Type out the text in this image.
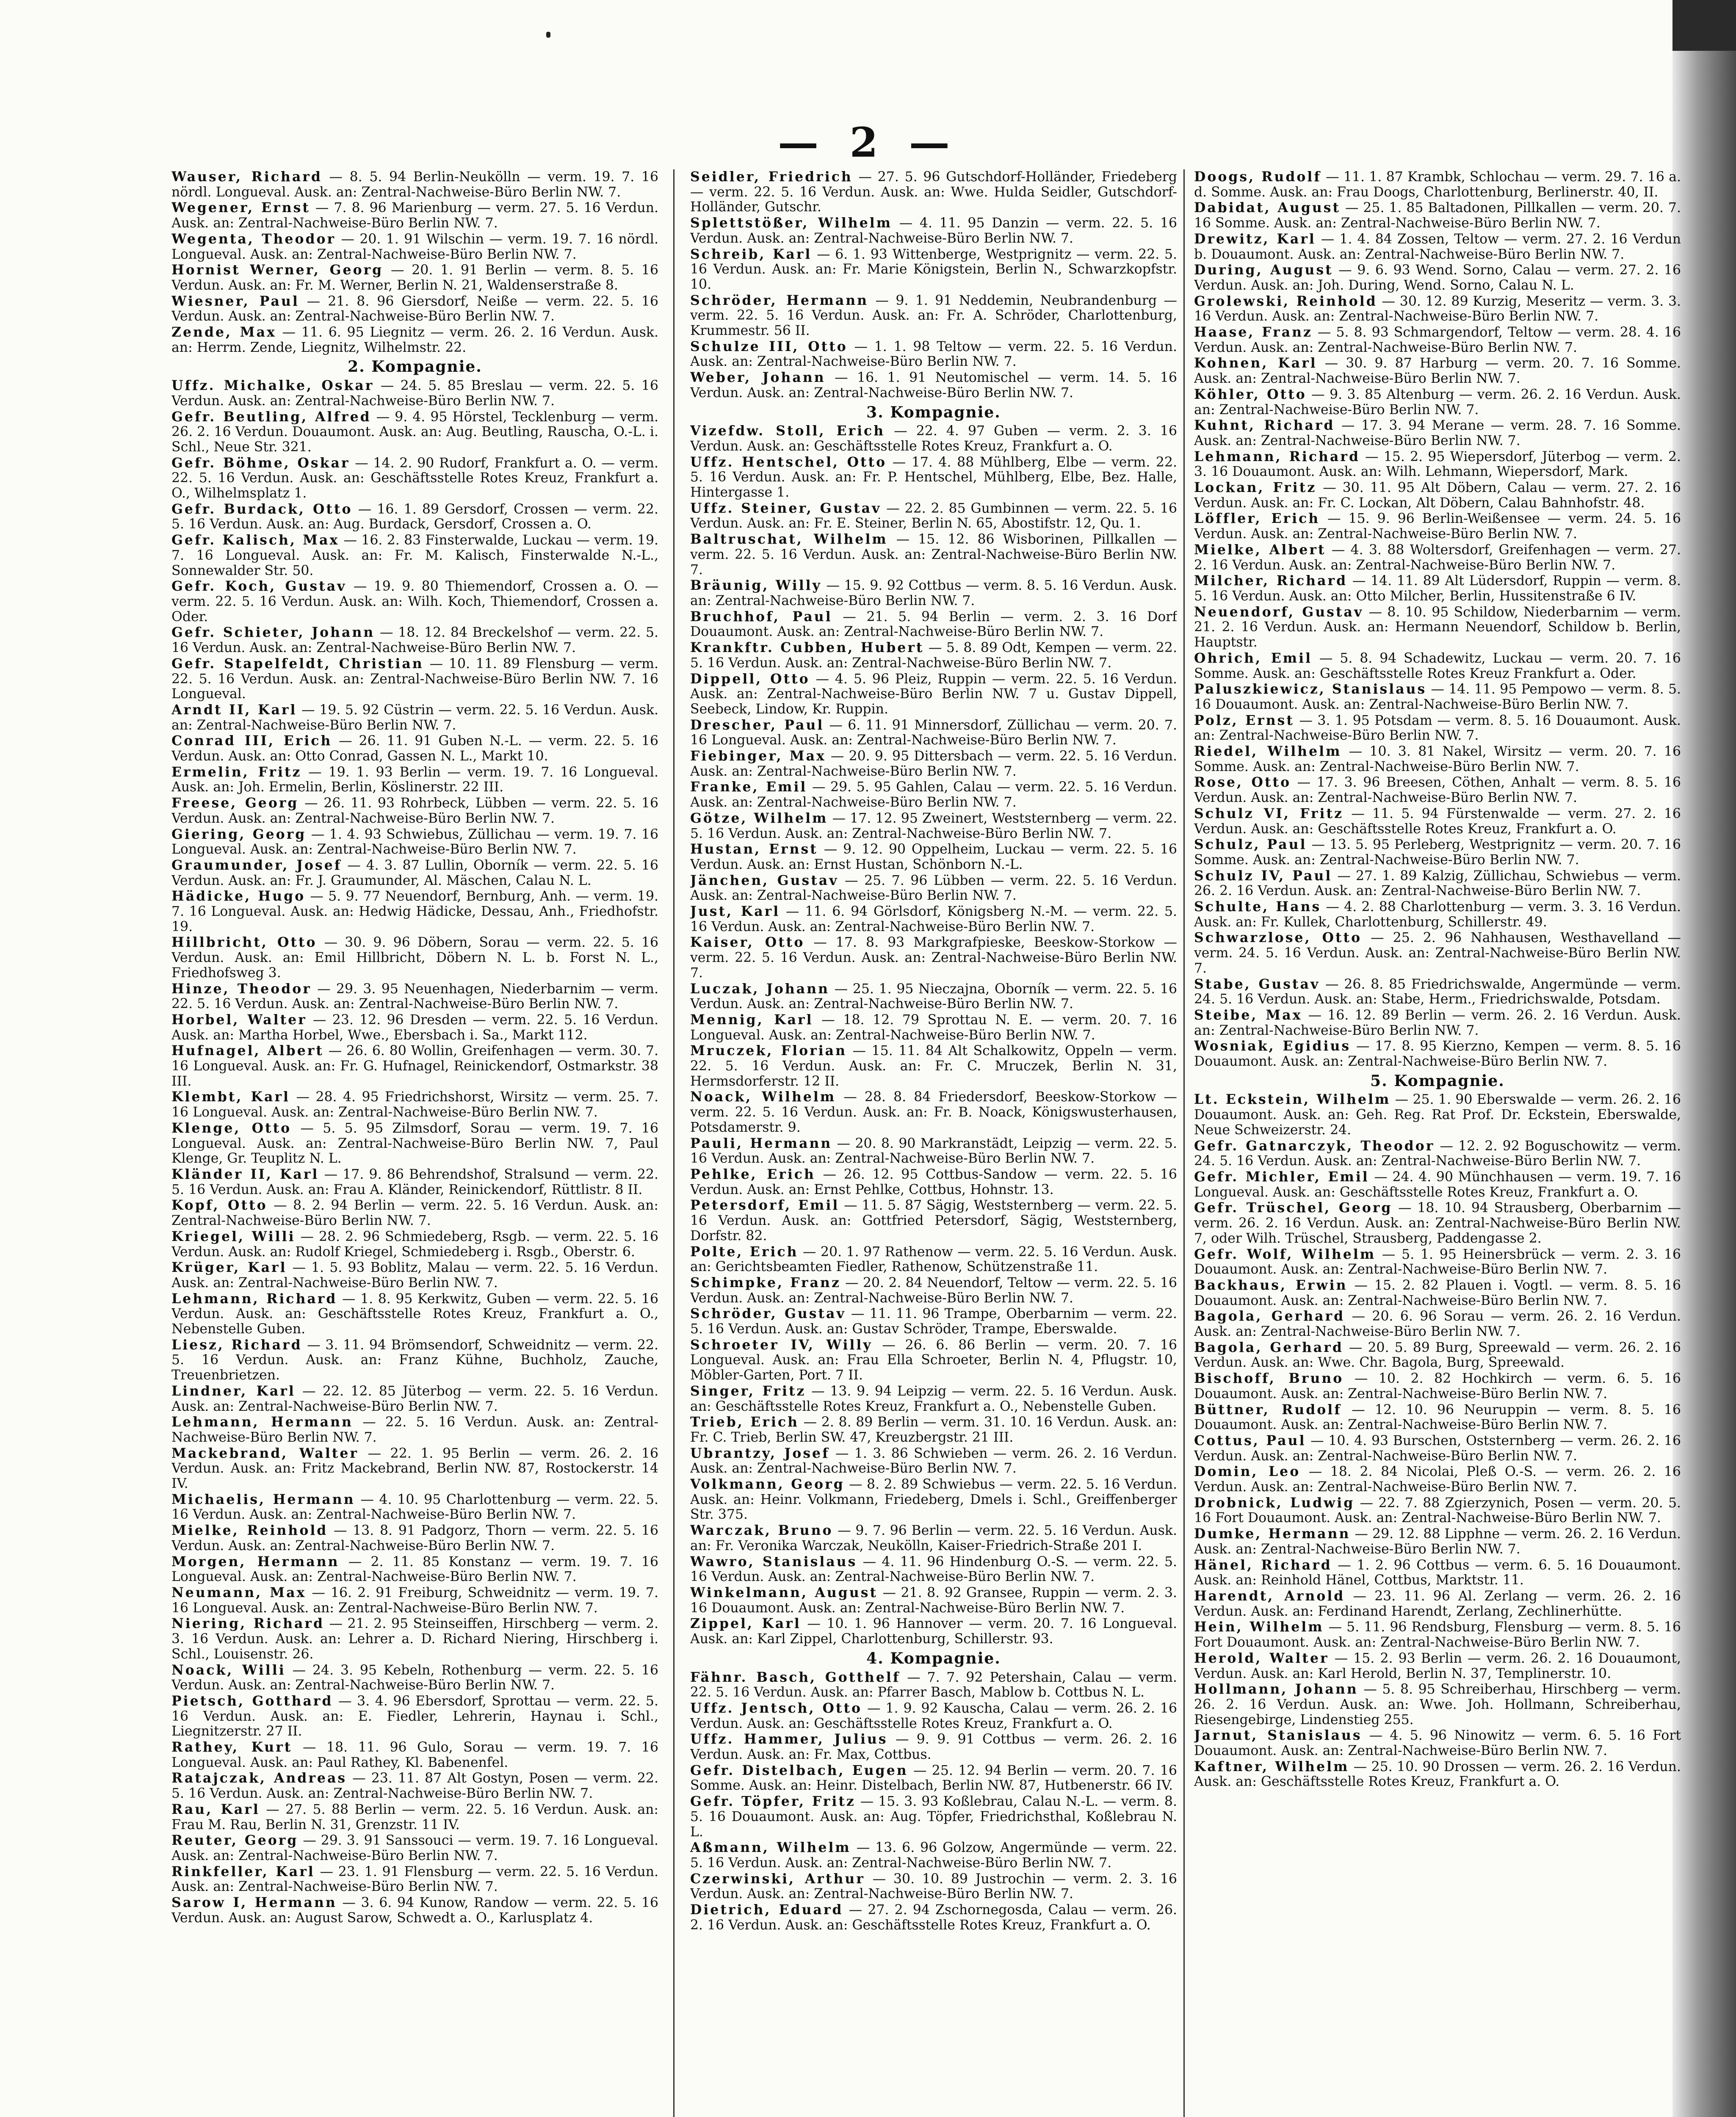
— 2 —
Wauser, Richard — 8. 5. 94 Berlin-Neukölln — verm. 19. 7. 16 nördl. Longueval. Ausk. an: Zentral-Nachweise-Büro Berlin NW. 7.
Wegener, Ernst — 7. 8. 96 Marienburg — verm. 27. 5. 16 Verdun. Ausk. an: Zentral-Nachweise-Büro Berlin NW. 7.
Wegenta, Theodor — 20. 1. 91 Wilschin — verm. 19. 7. 16 nördl. Longueval. Ausk. an: Zentral-Nachweise-Büro Berlin NW. 7.
Hornist Werner, Georg — 20. 1. 91 Berlin — verm. 8. 5. 16 Verdun. Ausk. an: Fr. M. Werner, Berlin N. 21, Waldenserstraße 8.
Wiesner, Paul — 21. 8. 96 Giersdorf, Neiße — verm. 22. 5. 16 Verdun. Ausk. an: Zentral-Nachweise-Büro Berlin NW. 7.
Zende, Max — 11. 6. 95 Liegnitz — verm. 26. 2. 16 Verdun. Ausk. an: Herrm. Zende, Liegnitz, Wilhelmstr. 22.
2. Kompagnie.
Uffz. Michalke, Oskar — 24. 5. 85 Breslau — verm. 22. 5. 16 Verdun. Ausk. an: Zentral-Nachweise-Büro Berlin NW. 7.
Gefr. Beutling, Alfred — 9. 4. 95 Hörstel, Tecklenburg — verm. 26. 2. 16 Verdun. Douaumont. Ausk. an: Aug. Beutling, Rauscha, O.-L. i. Schl., Neue Str. 321.
Gefr. Böhme, Oskar — 14. 2. 90 Rudorf, Frankfurt a. O. — verm. 22. 5. 16 Verdun. Ausk. an: Geschäftsstelle Rotes Kreuz, Frankfurt a. O., Wilhelmsplatz 1.
Gefr. Burdack, Otto — 16. 1. 89 Gersdorf, Crossen — verm. 22. 5. 16 Verdun. Ausk. an: Aug. Burdack, Gersdorf, Crossen a. O.
Gefr. Kalisch, Max — 16. 2. 83 Finsterwalde, Luckau — verm. 19. 7. 16 Longueval. Ausk. an: Fr. M. Kalisch, Finsterwalde N.-L., Sonnewalder Str. 50.
Gefr. Koch, Gustav — 19. 9. 80 Thiemendorf, Crossen a. O. — verm. 22. 5. 16 Verdun. Ausk. an: Wilh. Koch, Thiemendorf, Crossen a. Oder.
Gefr. Schieter, Johann — 18. 12. 84 Breckelshof — verm. 22. 5. 16 Verdun. Ausk. an: Zentral-Nachweise-Büro Berlin NW. 7.
Gefr. Stapelfeldt, Christian — 10. 11. 89 Flensburg — verm. 22. 5. 16 Verdun. Ausk. an: Zentral-Nachweise-Büro Berlin NW. 7. 16 Longueval.
Arndt II, Karl — 19. 5. 92 Cüstrin — verm. 22. 5. 16 Verdun. Ausk. an: Zentral-Nachweise-Büro Berlin NW. 7.
Conrad III, Erich — 26. 11. 91 Guben N.-L. — verm. 22. 5. 16 Verdun. Ausk. an: Otto Conrad, Gassen N. L., Markt 10.
Ermelin, Fritz — 19. 1. 93 Berlin — verm. 19. 7. 16 Longueval. Ausk. an: Joh. Ermelin, Berlin, Köslinerstr. 22 III.
Freese, Georg — 26. 11. 93 Rohrbeck, Lübben — verm. 22. 5. 16 Verdun. Ausk. an: Zentral-Nachweise-Büro Berlin NW. 7.
Giering, Georg — 1. 4. 93 Schwiebus, Züllichau — verm. 19. 7. 16 Longueval. Ausk. an: Zentral-Nachweise-Büro Berlin NW. 7.
Graumunder, Josef — 4. 3. 87 Lullin, Oborník — verm. 22. 5. 16 Verdun. Ausk. an: Fr. J. Graumunder, Al. Mäschen, Calau N. L.
Hädicke, Hugo — 5. 9. 77 Neuendorf, Bernburg, Anh. — verm. 19. 7. 16 Longueval. Ausk. an: Hedwig Hädicke, Dessau, Anh., Friedhofstr. 19.
Hillbricht, Otto — 30. 9. 96 Döbern, Sorau — verm. 22. 5. 16 Verdun. Ausk. an: Emil Hillbricht, Döbern N. L. b. Forst N. L., Friedhofsweg 3.
Hinze, Theodor — 29. 3. 95 Neuenhagen, Niederbarnim — verm. 22. 5. 16 Verdun. Ausk. an: Zentral-Nachweise-Büro Berlin NW. 7.
Horbel, Walter — 23. 12. 96 Dresden — verm. 22. 5. 16 Verdun. Ausk. an: Martha Horbel, Wwe., Ebersbach i. Sa., Markt 112.
Hufnagel, Albert — 26. 6. 80 Wollin, Greifenhagen — verm. 30. 7. 16 Longueval. Ausk. an: Fr. G. Hufnagel, Reinickendorf, Ostmarkstr. 38 III.
Klembt, Karl — 28. 4. 95 Friedrichshorst, Wirsitz — verm. 25. 7. 16 Longueval. Ausk. an: Zentral-Nachweise-Büro Berlin NW. 7.
Klenge, Otto — 5. 5. 95 Zilmsdorf, Sorau — verm. 19. 7. 16 Longueval. Ausk. an: Zentral-Nachweise-Büro Berlin NW. 7, Paul Klenge, Gr. Teuplitz N. L.
Kländer II, Karl — 17. 9. 86 Behrendshof, Stralsund — verm. 22. 5. 16 Verdun. Ausk. an: Frau A. Kländer, Reinickendorf, Rüttlistr. 8 II.
Kopf, Otto — 8. 2. 94 Berlin — verm. 22. 5. 16 Verdun. Ausk. an: Zentral-Nachweise-Büro Berlin NW. 7.
Kriegel, Willi — 28. 2. 96 Schmiedeberg, Rsgb. — verm. 22. 5. 16 Verdun. Ausk. an: Rudolf Kriegel, Schmiedeberg i. Rsgb., Oberstr. 6.
Krüger, Karl — 1. 5. 93 Boblitz, Malau — verm. 22. 5. 16 Verdun. Ausk. an: Zentral-Nachweise-Büro Berlin NW. 7.
Lehmann, Richard — 1. 8. 95 Kerkwitz, Guben — verm. 22. 5. 16 Verdun. Ausk. an: Geschäftsstelle Rotes Kreuz, Frankfurt a. O., Nebenstelle Guben.
Liesz, Richard — 3. 11. 94 Brömsendorf, Schweidnitz — verm. 22. 5. 16 Verdun. Ausk. an: Franz Kühne, Buchholz, Zauche, Treuenbrietzen.
Lindner, Karl — 22. 12. 85 Jüterbog — verm. 22. 5. 16 Verdun. Ausk. an: Zentral-Nachweise-Büro Berlin NW. 7.
Lehmann, Hermann — 22. 5. 16 Verdun. Ausk. an: Zentral-Nachweise-Büro Berlin NW. 7.
Mackebrand, Walter — 22. 1. 95 Berlin — verm. 26. 2. 16 Verdun. Ausk. an: Fritz Mackebrand, Berlin NW. 87, Rostockerstr. 14 IV.
Michaelis, Hermann — 4. 10. 95 Charlottenburg — verm. 22. 5. 16 Verdun. Ausk. an: Zentral-Nachweise-Büro Berlin NW. 7.
Mielke, Reinhold — 13. 8. 91 Padgorz, Thorn — verm. 22. 5. 16 Verdun. Ausk. an: Zentral-Nachweise-Büro Berlin NW. 7.
Morgen, Hermann — 2. 11. 85 Konstanz — verm. 19. 7. 16 Longueval. Ausk. an: Zentral-Nachweise-Büro Berlin NW. 7.
Neumann, Max — 16. 2. 91 Freiburg, Schweidnitz — verm. 19. 7. 16 Longueval. Ausk. an: Zentral-Nachweise-Büro Berlin NW. 7.
Niering, Richard — 21. 2. 95 Steinseiffen, Hirschberg — verm. 2. 3. 16 Verdun. Ausk. an: Lehrer a. D. Richard Niering, Hirschberg i. Schl., Louisenstr. 26.
Noack, Willi — 24. 3. 95 Kebeln, Rothenburg — verm. 22. 5. 16 Verdun. Ausk. an: Zentral-Nachweise-Büro Berlin NW. 7.
Pietsch, Gotthard — 3. 4. 96 Ebersdorf, Sprottau — verm. 22. 5. 16 Verdun. Ausk. an: E. Fiedler, Lehrerin, Haynau i. Schl., Liegnitzerstr. 27 II.
Rathey, Kurt — 18. 11. 96 Gulo, Sorau — verm. 19. 7. 16 Longueval. Ausk. an: Paul Rathey, Kl. Babenenfel.
Ratajczak, Andreas — 23. 11. 87 Alt Gostyn, Posen — verm. 22. 5. 16 Verdun. Ausk. an: Zentral-Nachweise-Büro Berlin NW. 7.
Rau, Karl — 27. 5. 88 Berlin — verm. 22. 5. 16 Verdun. Ausk. an: Frau M. Rau, Berlin N. 31, Grenzstr. 11 IV.
Reuter, Georg — 29. 3. 91 Sanssouci — verm. 19. 7. 16 Longueval. Ausk. an: Zentral-Nachweise-Büro Berlin NW. 7.
Rinkfeller, Karl — 23. 1. 91 Flensburg — verm. 22. 5. 16 Verdun. Ausk. an: Zentral-Nachweise-Büro Berlin NW. 7.
Sarow I, Hermann — 3. 6. 94 Kunow, Randow — verm. 22. 5. 16 Verdun. Ausk. an: August Sarow, Schwedt a. O., Karlusplatz 4.
Seidler, Friedrich — 27. 5. 96 Gutschdorf-Holländer, Friedeberg — verm. 22. 5. 16 Verdun. Ausk. an: Wwe. Hulda Seidler, Gutschdorf-Holländer, Gutschr.
Splettstößer, Wilhelm — 4. 11. 95 Danzin — verm. 22. 5. 16 Verdun. Ausk. an: Zentral-Nachweise-Büro Berlin NW. 7.
Schreib, Karl — 6. 1. 93 Wittenberge, Westprignitz — verm. 22. 5. 16 Verdun. Ausk. an: Fr. Marie Königstein, Berlin N., Schwarzkopfstr. 10.
Schröder, Hermann — 9. 1. 91 Neddemin, Neubrandenburg — verm. 22. 5. 16 Verdun. Ausk. an: Fr. A. Schröder, Charlottenburg, Krummestr. 56 II.
Schulze III, Otto — 1. 1. 98 Teltow — verm. 22. 5. 16 Verdun. Ausk. an: Zentral-Nachweise-Büro Berlin NW. 7.
Weber, Johann — 16. 1. 91 Neutomischel — verm. 14. 5. 16 Verdun. Ausk. an: Zentral-Nachweise-Büro Berlin NW. 7.
3. Kompagnie.
Vizefdw. Stoll, Erich — 22. 4. 97 Guben — verm. 2. 3. 16 Verdun. Ausk. an: Geschäftsstelle Rotes Kreuz, Frankfurt a. O.
Uffz. Hentschel, Otto — 17. 4. 88 Mühlberg, Elbe — verm. 22. 5. 16 Verdun. Ausk. an: Fr. P. Hentschel, Mühlberg, Elbe, Bez. Halle, Hintergasse 1.
Uffz. Steiner, Gustav — 22. 2. 85 Gumbinnen — verm. 22. 5. 16 Verdun. Ausk. an: Fr. E. Steiner, Berlin N. 65, Abostifstr. 12, Qu. 1.
Baltruschat, Wilhelm — 15. 12. 86 Wisborinen, Pillkallen — verm. 22. 5. 16 Verdun. Ausk. an: Zentral-Nachweise-Büro Berlin NW. 7.
Bräunig, Willy — 15. 9. 92 Cottbus — verm. 8. 5. 16 Verdun. Ausk. an: Zentral-Nachweise-Büro Berlin NW. 7.
Bruchhof, Paul — 21. 5. 94 Berlin — verm. 2. 3. 16 Dorf Douaumont. Ausk. an: Zentral-Nachweise-Büro Berlin NW. 7.
Krankftr. Cubben, Hubert — 5. 8. 89 Odt, Kempen — verm. 22. 5. 16 Verdun. Ausk. an: Zentral-Nachweise-Büro Berlin NW. 7.
Dippell, Otto — 4. 5. 96 Pleiz, Ruppin — verm. 22. 5. 16 Verdun. Ausk. an: Zentral-Nachweise-Büro Berlin NW. 7 u. Gustav Dippell, Seebeck, Lindow, Kr. Ruppin.
Drescher, Paul — 6. 11. 91 Minnersdorf, Züllichau — verm. 20. 7. 16 Longueval. Ausk. an: Zentral-Nachweise-Büro Berlin NW. 7.
Fiebinger, Max — 20. 9. 95 Dittersbach — verm. 22. 5. 16 Verdun. Ausk. an: Zentral-Nachweise-Büro Berlin NW. 7.
Franke, Emil — 29. 5. 95 Gahlen, Calau — verm. 22. 5. 16 Verdun. Ausk. an: Zentral-Nachweise-Büro Berlin NW. 7.
Götze, Wilhelm — 17. 12. 95 Zweinert, Weststernberg — verm. 22. 5. 16 Verdun. Ausk. an: Zentral-Nachweise-Büro Berlin NW. 7.
Hustan, Ernst — 9. 12. 90 Oppelheim, Luckau — verm. 22. 5. 16 Verdun. Ausk. an: Ernst Hustan, Schönborn N.-L.
Jänchen, Gustav — 25. 7. 96 Lübben — verm. 22. 5. 16 Verdun. Ausk. an: Zentral-Nachweise-Büro Berlin NW. 7.
Just, Karl — 11. 6. 94 Görlsdorf, Königsberg N.-M. — verm. 22. 5. 16 Verdun. Ausk. an: Zentral-Nachweise-Büro Berlin NW. 7.
Kaiser, Otto — 17. 8. 93 Markgrafpieske, Beeskow-Storkow — verm. 22. 5. 16 Verdun. Ausk. an: Zentral-Nachweise-Büro Berlin NW. 7.
Luczak, Johann — 25. 1. 95 Nieczajna, Oborník — verm. 22. 5. 16 Verdun. Ausk. an: Zentral-Nachweise-Büro Berlin NW. 7.
Mennig, Karl — 18. 12. 79 Sprottau N. E. — verm. 20. 7. 16 Longueval. Ausk. an: Zentral-Nachweise-Büro Berlin NW. 7.
Mruczek, Florian — 15. 11. 84 Alt Schalkowitz, Oppeln — verm. 22. 5. 16 Verdun. Ausk. an: Fr. C. Mruczek, Berlin N. 31, Hermsdorferstr. 12 II.
Noack, Wilhelm — 28. 8. 84 Friedersdorf, Beeskow-Storkow — verm. 22. 5. 16 Verdun. Ausk. an: Fr. B. Noack, Königswusterhausen, Potsdamerstr. 9.
Pauli, Hermann — 20. 8. 90 Markranstädt, Leipzig — verm. 22. 5. 16 Verdun. Ausk. an: Zentral-Nachweise-Büro Berlin NW. 7.
Pehlke, Erich — 26. 12. 95 Cottbus-Sandow — verm. 22. 5. 16 Verdun. Ausk. an: Ernst Pehlke, Cottbus, Hohnstr. 13.
Petersdorf, Emil — 11. 5. 87 Sägig, Weststernberg — verm. 22. 5. 16 Verdun. Ausk. an: Gottfried Petersdorf, Sägig, Weststernberg, Dorfstr. 82.
Polte, Erich — 20. 1. 97 Rathenow — verm. 22. 5. 16 Verdun. Ausk. an: Gerichtsbeamten Fiedler, Rathenow, Schützenstraße 11.
Schimpke, Franz — 20. 2. 84 Neuendorf, Teltow — verm. 22. 5. 16 Verdun. Ausk. an: Zentral-Nachweise-Büro Berlin NW. 7.
Schröder, Gustav — 11. 11. 96 Trampe, Oberbarnim — verm. 22. 5. 16 Verdun. Ausk. an: Gustav Schröder, Trampe, Eberswalde.
Schroeter IV, Willy — 26. 6. 86 Berlin — verm. 20. 7. 16 Longueval. Ausk. an: Frau Ella Schroeter, Berlin N. 4, Pflugstr. 10, Möbler-Garten, Port. 7 II.
Singer, Fritz — 13. 9. 94 Leipzig — verm. 22. 5. 16 Verdun. Ausk. an: Geschäftsstelle Rotes Kreuz, Frankfurt a. O., Nebenstelle Guben.
Trieb, Erich — 2. 8. 89 Berlin — verm. 31. 10. 16 Verdun. Ausk. an: Fr. C. Trieb, Berlin SW. 47, Kreuzbergstr. 21 III.
Ubrantzy, Josef — 1. 3. 86 Schwieben — verm. 26. 2. 16 Verdun. Ausk. an: Zentral-Nachweise-Büro Berlin NW. 7.
Volkmann, Georg — 8. 2. 89 Schwiebus — verm. 22. 5. 16 Verdun. Ausk. an: Heinr. Volkmann, Friedeberg, Dmels i. Schl., Greiffenberger Str. 375.
Warczak, Bruno — 9. 7. 96 Berlin — verm. 22. 5. 16 Verdun. Ausk. an: Fr. Veronika Warczak, Neukölln, Kaiser-Friedrich-Straße 201 I.
Wawro, Stanislaus — 4. 11. 96 Hindenburg O.-S. — verm. 22. 5. 16 Verdun. Ausk. an: Zentral-Nachweise-Büro Berlin NW. 7.
Winkelmann, August — 21. 8. 92 Gransee, Ruppin — verm. 2. 3. 16 Douaumont. Ausk. an: Zentral-Nachweise-Büro Berlin NW. 7.
Zippel, Karl — 10. 1. 96 Hannover — verm. 20. 7. 16 Longueval. Ausk. an: Karl Zippel, Charlottenburg, Schillerstr. 93.
4. Kompagnie.
Fähnr. Basch, Gotthelf — 7. 7. 92 Petershain, Calau — verm. 22. 5. 16 Verdun. Ausk. an: Pfarrer Basch, Mablow b. Cottbus N. L.
Uffz. Jentsch, Otto — 1. 9. 92 Kauscha, Calau — verm. 26. 2. 16 Verdun. Ausk. an: Geschäftsstelle Rotes Kreuz, Frankfurt a. O.
Uffz. Hammer, Julius — 9. 9. 91 Cottbus — verm. 26. 2. 16 Verdun. Ausk. an: Fr. Max, Cottbus.
Gefr. Distelbach, Eugen — 25. 12. 94 Berlin — verm. 20. 7. 16 Somme. Ausk. an: Heinr. Distelbach, Berlin NW. 87, Hutbenerstr. 66 IV.
Gefr. Töpfer, Fritz — 15. 3. 93 Koßlebrau, Calau N.-L. — verm. 8. 5. 16 Douaumont. Ausk. an: Aug. Töpfer, Friedrichsthal, Koßlebrau N. L.
Aßmann, Wilhelm — 13. 6. 96 Golzow, Angermünde — verm. 22. 5. 16 Verdun. Ausk. an: Zentral-Nachweise-Büro Berlin NW. 7.
Czerwinski, Arthur — 30. 10. 89 Justrochin — verm. 2. 3. 16 Verdun. Ausk. an: Zentral-Nachweise-Büro Berlin NW. 7.
Dietrich, Eduard — 27. 2. 94 Zschornegosda, Calau — verm. 26. 2. 16 Verdun. Ausk. an: Geschäftsstelle Rotes Kreuz, Frankfurt a. O.
Doogs, Rudolf — 11. 1. 87 Krambk, Schlochau — verm. 29. 7. 16 a. d. Somme. Ausk. an: Frau Doogs, Charlottenburg, Berlinerstr. 40, II.
Dabidat, August — 25. 1. 85 Baltadonen, Pillkallen — verm. 20. 7. 16 Somme. Ausk. an: Zentral-Nachweise-Büro Berlin NW. 7.
Drewitz, Karl — 1. 4. 84 Zossen, Teltow — verm. 27. 2. 16 Verdun b. Douaumont. Ausk. an: Zentral-Nachweise-Büro Berlin NW. 7.
During, August — 9. 6. 93 Wend. Sorno, Calau — verm. 27. 2. 16 Verdun. Ausk. an: Joh. During, Wend. Sorno, Calau N. L.
Grolewski, Reinhold — 30. 12. 89 Kurzig, Meseritz — verm. 3. 3. 16 Verdun. Ausk. an: Zentral-Nachweise-Büro Berlin NW. 7.
Haase, Franz — 5. 8. 93 Schmargendorf, Teltow — verm. 28. 4. 16 Verdun. Ausk. an: Zentral-Nachweise-Büro Berlin NW. 7.
Kohnen, Karl — 30. 9. 87 Harburg — verm. 20. 7. 16 Somme. Ausk. an: Zentral-Nachweise-Büro Berlin NW. 7.
Köhler, Otto — 9. 3. 85 Altenburg — verm. 26. 2. 16 Verdun. Ausk. an: Zentral-Nachweise-Büro Berlin NW. 7.
Kuhnt, Richard — 17. 3. 94 Merane — verm. 28. 7. 16 Somme. Ausk. an: Zentral-Nachweise-Büro Berlin NW. 7.
Lehmann, Richard — 15. 2. 95 Wiepersdorf, Jüterbog — verm. 2. 3. 16 Douaumont. Ausk. an: Wilh. Lehmann, Wiepersdorf, Mark.
Lockan, Fritz — 30. 11. 95 Alt Döbern, Calau — verm. 27. 2. 16 Verdun. Ausk. an: Fr. C. Lockan, Alt Döbern, Calau Bahnhofstr. 48.
Löffler, Erich — 15. 9. 96 Berlin-Weißensee — verm. 24. 5. 16 Verdun. Ausk. an: Zentral-Nachweise-Büro Berlin NW. 7.
Mielke, Albert — 4. 3. 88 Woltersdorf, Greifenhagen — verm. 27. 2. 16 Verdun. Ausk. an: Zentral-Nachweise-Büro Berlin NW. 7.
Milcher, Richard — 14. 11. 89 Alt Lüdersdorf, Ruppin — verm. 8. 5. 16 Verdun. Ausk. an: Otto Milcher, Berlin, Hussitenstraße 6 IV.
Neuendorf, Gustav — 8. 10. 95 Schildow, Niederbarnim — verm. 21. 2. 16 Verdun. Ausk. an: Hermann Neuendorf, Schildow b. Berlin, Hauptstr.
Ohrich, Emil — 5. 8. 94 Schadewitz, Luckau — verm. 20. 7. 16 Somme. Ausk. an: Geschäftsstelle Rotes Kreuz Frankfurt a. Oder.
Paluszkiewicz, Stanislaus — 14. 11. 95 Pempowo — verm. 8. 5. 16 Douaumont. Ausk. an: Zentral-Nachweise-Büro Berlin NW. 7.
Polz, Ernst — 3. 1. 95 Potsdam — verm. 8. 5. 16 Douaumont. Ausk. an: Zentral-Nachweise-Büro Berlin NW. 7.
Riedel, Wilhelm — 10. 3. 81 Nakel, Wirsitz — verm. 20. 7. 16 Somme. Ausk. an: Zentral-Nachweise-Büro Berlin NW. 7.
Rose, Otto — 17. 3. 96 Breesen, Cöthen, Anhalt — verm. 8. 5. 16 Verdun. Ausk. an: Zentral-Nachweise-Büro Berlin NW. 7.
Schulz VI, Fritz — 11. 5. 94 Fürstenwalde — verm. 27. 2. 16 Verdun. Ausk. an: Geschäftsstelle Rotes Kreuz, Frankfurt a. O.
Schulz, Paul — 13. 5. 95 Perleberg, Westprignitz — verm. 20. 7. 16 Somme. Ausk. an: Zentral-Nachweise-Büro Berlin NW. 7.
Schulz IV, Paul — 27. 1. 89 Kalzig, Züllichau, Schwiebus — verm. 26. 2. 16 Verdun. Ausk. an: Zentral-Nachweise-Büro Berlin NW. 7.
Schulte, Hans — 4. 2. 88 Charlottenburg — verm. 3. 3. 16 Verdun. Ausk. an: Fr. Kullek, Charlottenburg, Schillerstr. 49.
Schwarzlose, Otto — 25. 2. 96 Nahhausen, Westhavelland — verm. 24. 5. 16 Verdun. Ausk. an: Zentral-Nachweise-Büro Berlin NW. 7.
Stabe, Gustav — 26. 8. 85 Friedrichswalde, Angermünde — verm. 24. 5. 16 Verdun. Ausk. an: Stabe, Herm., Friedrichswalde, Potsdam.
Steibe, Max — 16. 12. 89 Berlin — verm. 26. 2. 16 Verdun. Ausk. an: Zentral-Nachweise-Büro Berlin NW. 7.
Wosniak, Egidius — 17. 8. 95 Kierzno, Kempen — verm. 8. 5. 16 Douaumont. Ausk. an: Zentral-Nachweise-Büro Berlin NW. 7.
5. Kompagnie.
Lt. Eckstein, Wilhelm — 25. 1. 90 Eberswalde — verm. 26. 2. 16 Douaumont. Ausk. an: Geh. Reg. Rat Prof. Dr. Eckstein, Eberswalde, Neue Schweizerstr. 24.
Gefr. Gatnarczyk, Theodor — 12. 2. 92 Boguschowitz — verm. 24. 5. 16 Verdun. Ausk. an: Zentral-Nachweise-Büro Berlin NW. 7.
Gefr. Michler, Emil — 24. 4. 90 Münchhausen — verm. 19. 7. 16 Longueval. Ausk. an: Geschäftsstelle Rotes Kreuz, Frankfurt a. O.
Gefr. Trüschel, Georg — 18. 10. 94 Strausberg, Oberbarnim — verm. 26. 2. 16 Verdun. Ausk. an: Zentral-Nachweise-Büro Berlin NW. 7, oder Wilh. Trüschel, Strausberg, Paddengasse 2.
Gefr. Wolf, Wilhelm — 5. 1. 95 Heinersbrück — verm. 2. 3. 16 Douaumont. Ausk. an: Zentral-Nachweise-Büro Berlin NW. 7.
Backhaus, Erwin — 15. 2. 82 Plauen i. Vogtl. — verm. 8. 5. 16 Douaumont. Ausk. an: Zentral-Nachweise-Büro Berlin NW. 7.
Bagola, Gerhard — 20. 6. 96 Sorau — verm. 26. 2. 16 Verdun. Ausk. an: Zentral-Nachweise-Büro Berlin NW. 7.
Bagola, Gerhard — 20. 5. 89 Burg, Spreewald — verm. 26. 2. 16 Verdun. Ausk. an: Wwe. Chr. Bagola, Burg, Spreewald.
Bischoff, Bruno — 10. 2. 82 Hochkirch — verm. 6. 5. 16 Douaumont. Ausk. an: Zentral-Nachweise-Büro Berlin NW. 7.
Büttner, Rudolf — 12. 10. 96 Neuruppin — verm. 8. 5. 16 Douaumont. Ausk. an: Zentral-Nachweise-Büro Berlin NW. 7.
Cottus, Paul — 10. 4. 93 Burschen, Oststernberg — verm. 26. 2. 16 Verdun. Ausk. an: Zentral-Nachweise-Büro Berlin NW. 7.
Domin, Leo — 18. 2. 84 Nicolai, Pleß O.-S. — verm. 26. 2. 16 Verdun. Ausk. an: Zentral-Nachweise-Büro Berlin NW. 7.
Drobnick, Ludwig — 22. 7. 88 Zgierzynich, Posen — verm. 20. 5. 16 Fort Douaumont. Ausk. an: Zentral-Nachweise-Büro Berlin NW. 7.
Dumke, Hermann — 29. 12. 88 Lipphne — verm. 26. 2. 16 Verdun. Ausk. an: Zentral-Nachweise-Büro Berlin NW. 7.
Hänel, Richard — 1. 2. 96 Cottbus — verm. 6. 5. 16 Douaumont. Ausk. an: Reinhold Hänel, Cottbus, Marktstr. 11.
Harendt, Arnold — 23. 11. 96 Al. Zerlang — verm. 26. 2. 16 Verdun. Ausk. an: Ferdinand Harendt, Zerlang, Zechlinerhütte.
Hein, Wilhelm — 5. 11. 96 Rendsburg, Flensburg — verm. 8. 5. 16 Fort Douaumont. Ausk. an: Zentral-Nachweise-Büro Berlin NW. 7.
Herold, Walter — 15. 2. 93 Berlin — verm. 26. 2. 16 Douaumont, Verdun. Ausk. an: Karl Herold, Berlin N. 37, Templinerstr. 10.
Hollmann, Johann — 5. 8. 95 Schreiberhau, Hirschberg — verm. 26. 2. 16 Verdun. Ausk. an: Wwe. Joh. Hollmann, Schreiberhau, Riesengebirge, Lindenstieg 255.
Jarnut, Stanislaus — 4. 5. 96 Ninowitz — verm. 6. 5. 16 Fort Douaumont. Ausk. an: Zentral-Nachweise-Büro Berlin NW. 7.
Kaftner, Wilhelm — 25. 10. 90 Drossen — verm. 26. 2. 16 Verdun. Ausk. an: Geschäftsstelle Rotes Kreuz, Frankfurt a. O.
